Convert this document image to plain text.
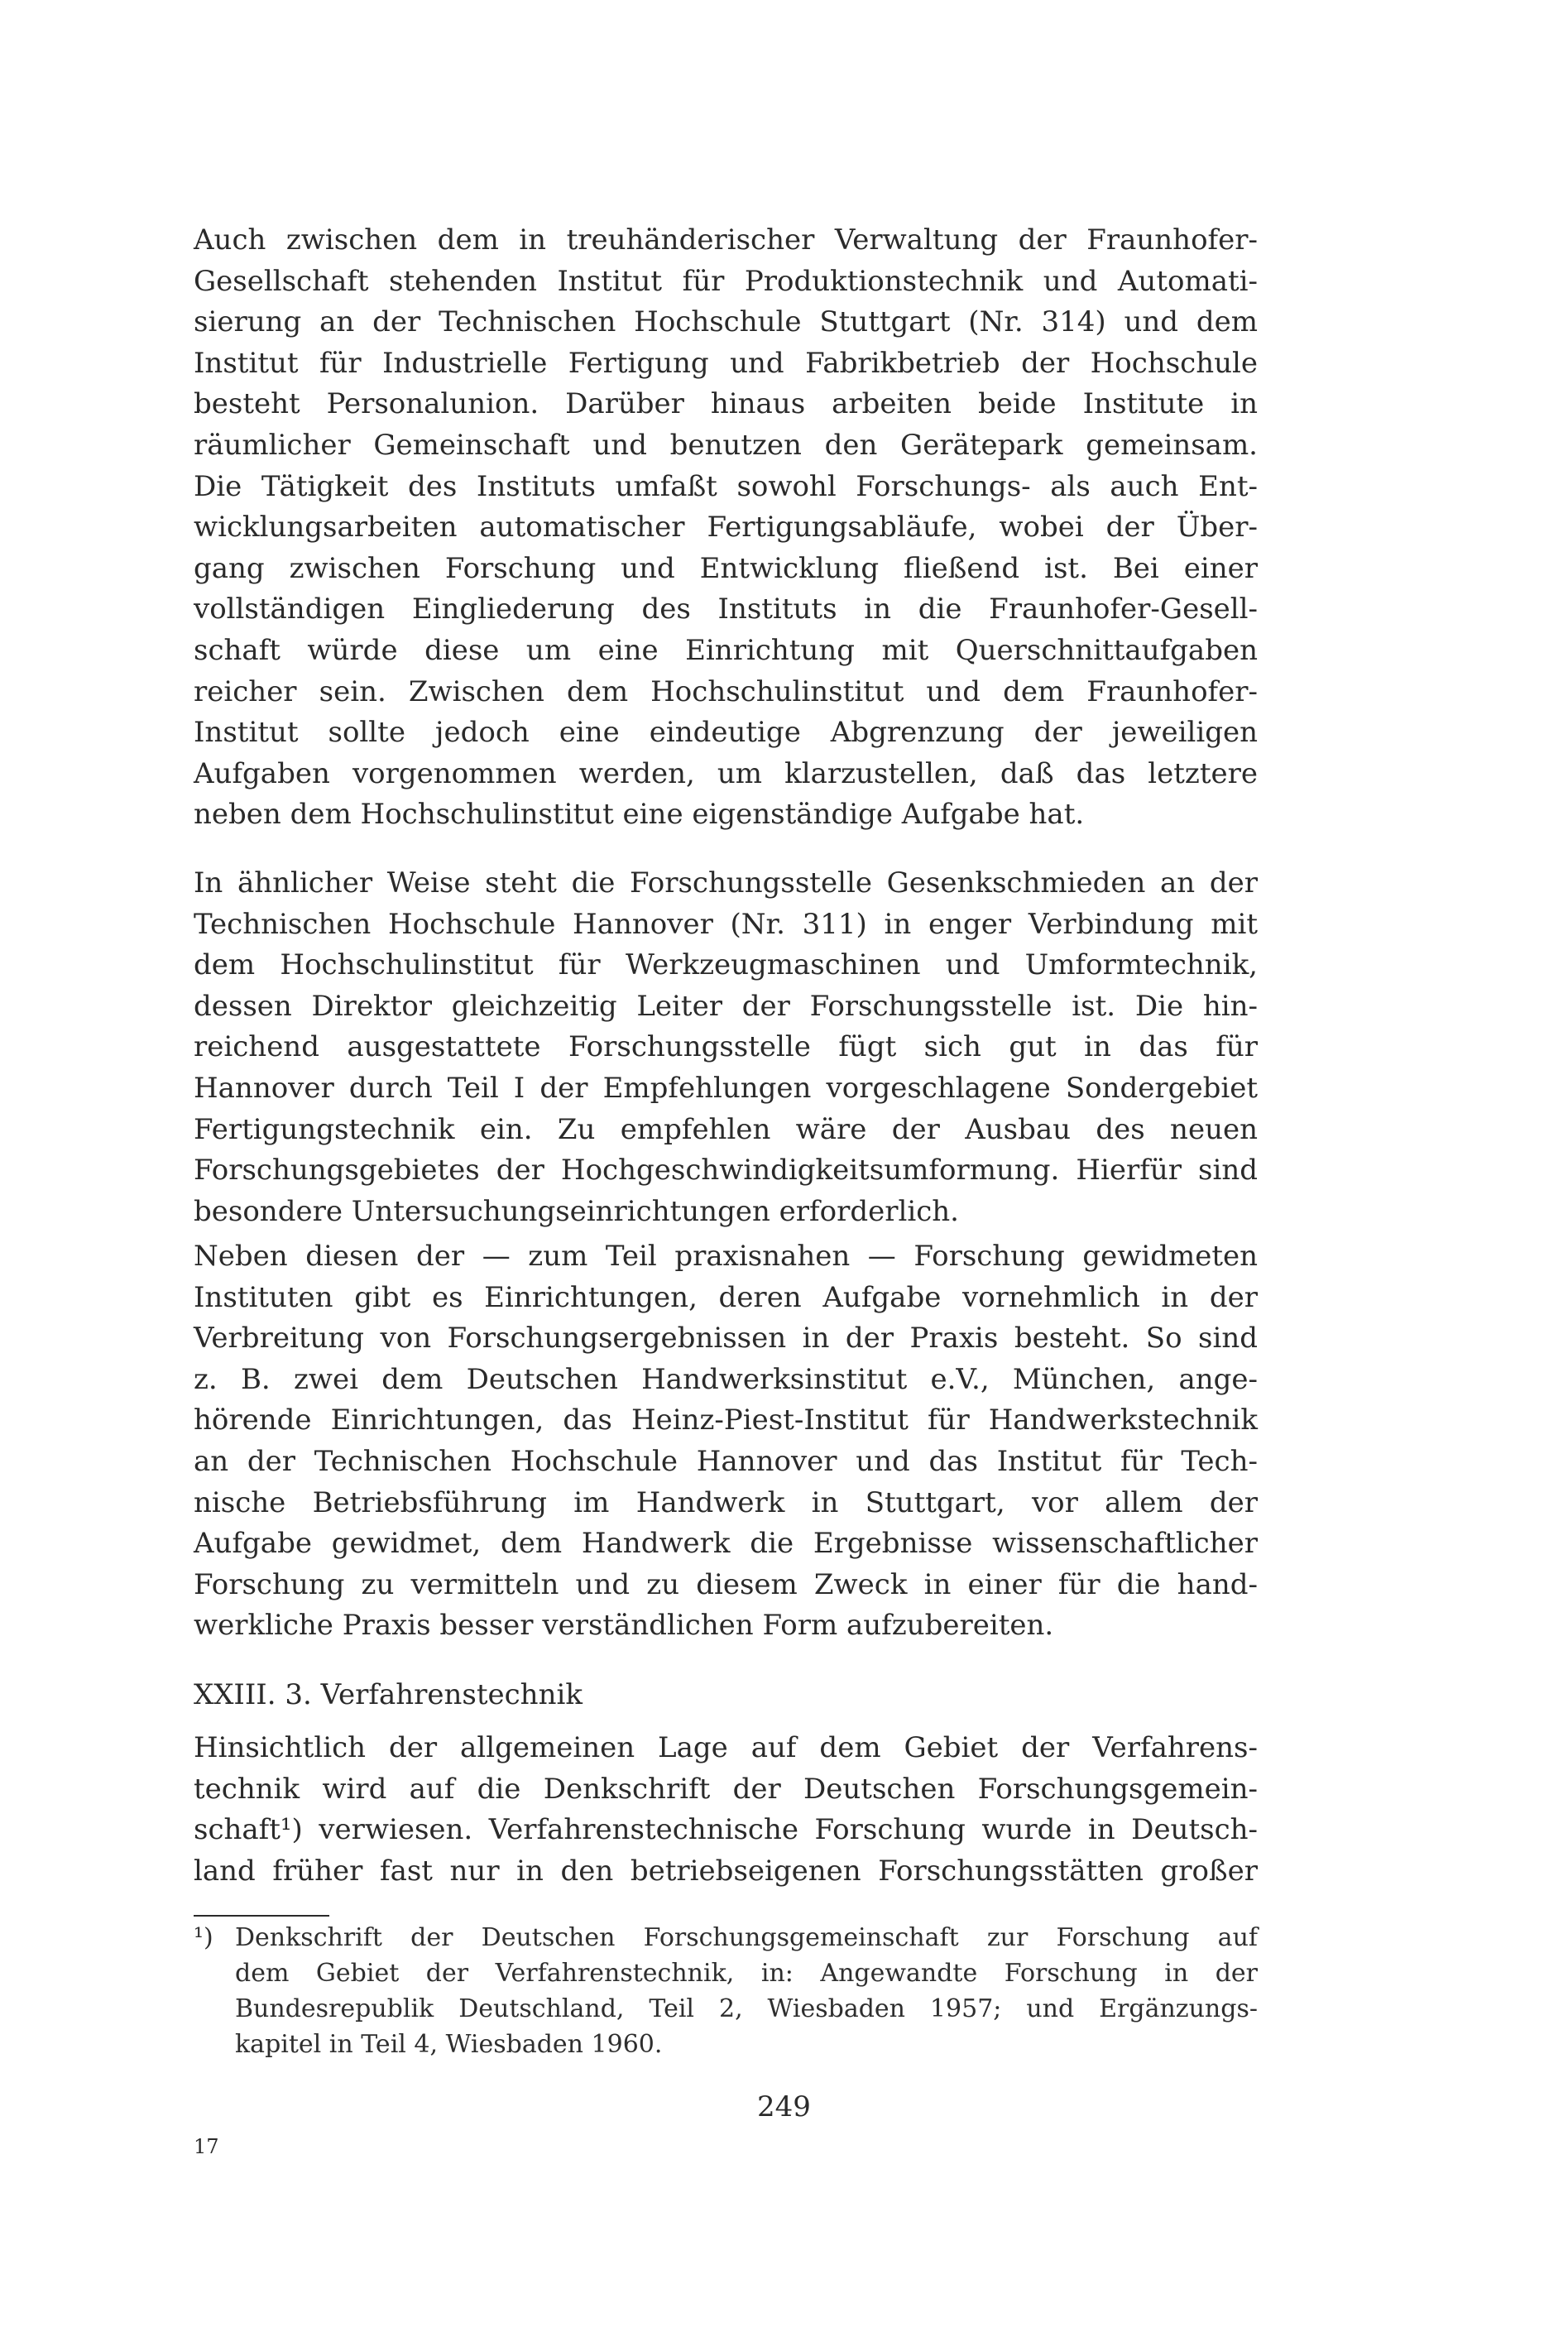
Auch zwischen dem in treuhänderischer Verwaltung der Fraunhofer-
Gesellschaft stehenden Institut für Produktionstechnik und Automati-
sierung an der Technischen Hochschule Stuttgart (Nr. 314) und dem
Institut für Industrielle Fertigung und Fabrikbetrieb der Hochschule
besteht Personalunion. Darüber hinaus arbeiten beide Institute in
räumlicher Gemeinschaft und benutzen den Gerätepark gemeinsam.
Die Tätigkeit des Instituts umfaßt sowohl Forschungs- als auch Ent-
wicklungsarbeiten automatischer Fertigungsabläufe, wobei der Über-
gang zwischen Forschung und Entwicklung fließend ist. Bei einer
vollständigen Eingliederung des Instituts in die Fraunhofer-Gesell-
schaft würde diese um eine Einrichtung mit Querschnittaufgaben
reicher sein. Zwischen dem Hochschulinstitut und dem Fraunhofer-
Institut sollte jedoch eine eindeutige Abgrenzung der jeweiligen
Aufgaben vorgenommen werden, um klarzustellen, daß das letztere
neben dem Hochschulinstitut eine eigenständige Aufgabe hat.
In ähnlicher Weise steht die Forschungsstelle Gesenkschmieden an der
Technischen Hochschule Hannover (Nr. 311) in enger Verbindung mit
dem Hochschulinstitut für Werkzeugmaschinen und Umformtechnik,
dessen Direktor gleichzeitig Leiter der Forschungsstelle ist. Die hin-
reichend ausgestattete Forschungsstelle fügt sich gut in das für
Hannover durch Teil I der Empfehlungen vorgeschlagene Sondergebiet
Fertigungstechnik ein. Zu empfehlen wäre der Ausbau des neuen
Forschungsgebietes der Hochgeschwindigkeitsumformung. Hierfür sind
besondere Untersuchungseinrichtungen erforderlich.
Neben diesen der — zum Teil praxisnahen — Forschung gewidmeten
Instituten gibt es Einrichtungen, deren Aufgabe vornehmlich in der
Verbreitung von Forschungsergebnissen in der Praxis besteht. So sind
z. B. zwei dem Deutschen Handwerksinstitut e.V., München, ange-
hörende Einrichtungen, das Heinz-Piest-Institut für Handwerkstechnik
an der Technischen Hochschule Hannover und das Institut für Tech-
nische Betriebsführung im Handwerk in Stuttgart, vor allem der
Aufgabe gewidmet, dem Handwerk die Ergebnisse wissenschaftlicher
Forschung zu vermitteln und zu diesem Zweck in einer für die hand-
werkliche Praxis besser verständlichen Form aufzubereiten.
XXIII. 3. Verfahrenstechnik
Hinsichtlich der allgemeinen Lage auf dem Gebiet der Verfahrens-
technik wird auf die Denkschrift der Deutschen Forschungsgemein-
schaft¹) verwiesen. Verfahrenstechnische Forschung wurde in Deutsch-
land früher fast nur in den betriebseigenen Forschungsstätten großer
¹) Denkschrift der Deutschen Forschungsgemeinschaft zur Forschung auf
dem Gebiet der Verfahrenstechnik, in: Angewandte Forschung in der
Bundesrepublik Deutschland, Teil 2, Wiesbaden 1957; und Ergänzungs-
kapitel in Teil 4, Wiesbaden 1960.
249
17
